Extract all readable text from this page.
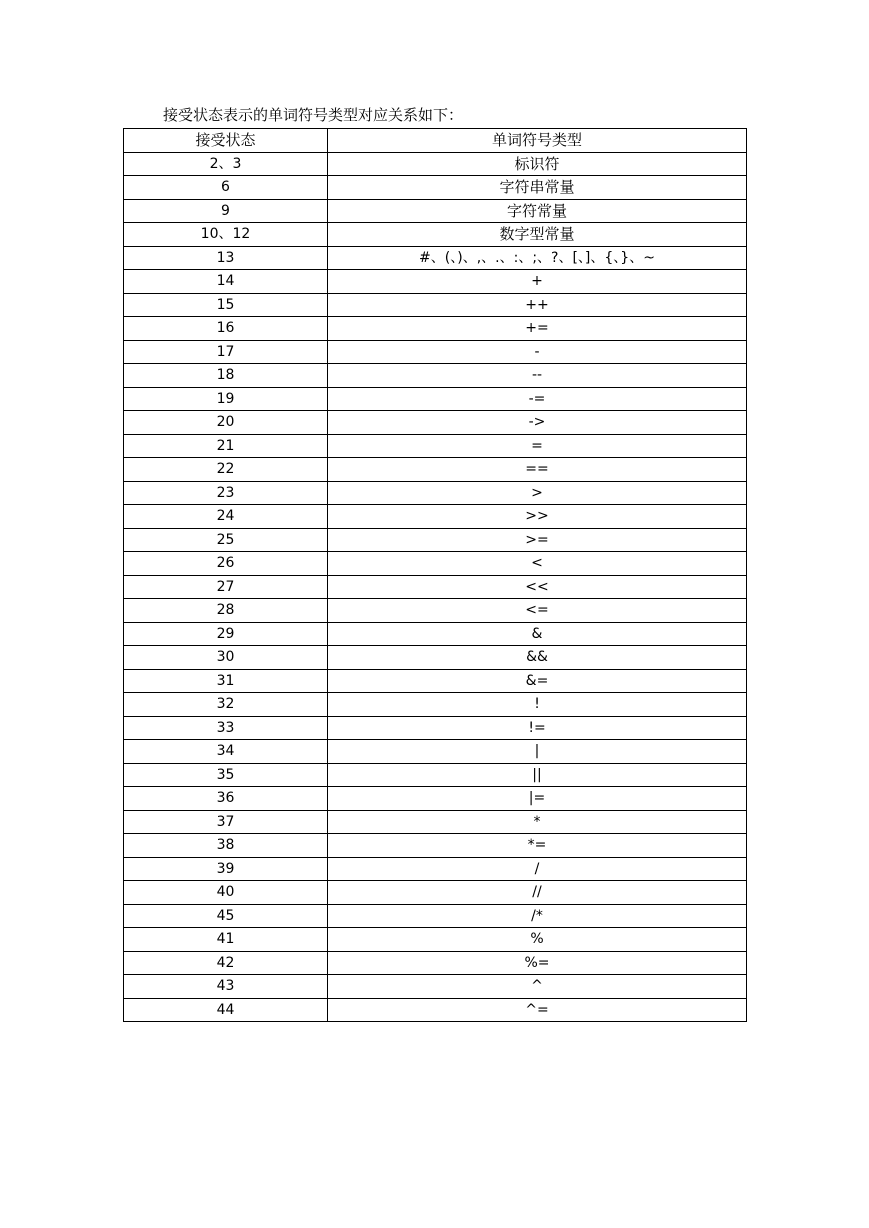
接受状态表示的单词符号类型对应关系如下：
接受状态	单词符号类型
2、3	标识符
6	字符串常量
9	字符常量
10、12	数字型常量
13	#、(、)、,、.、:、;、?、[、]、{、}、~
14	+
15	++
16	+=
17	-
18	--
19	-=
20	->
21	=
22	==
23	>
24	>>
25	>=
26	<
27	<<
28	<=
29	&
30	&&
31	&=
32	!
33	!=
34	|
35	||
36	|=
37	*
38	*=
39	/
40	//
45	/*
41	%
42	%=
43	^
44	^=
